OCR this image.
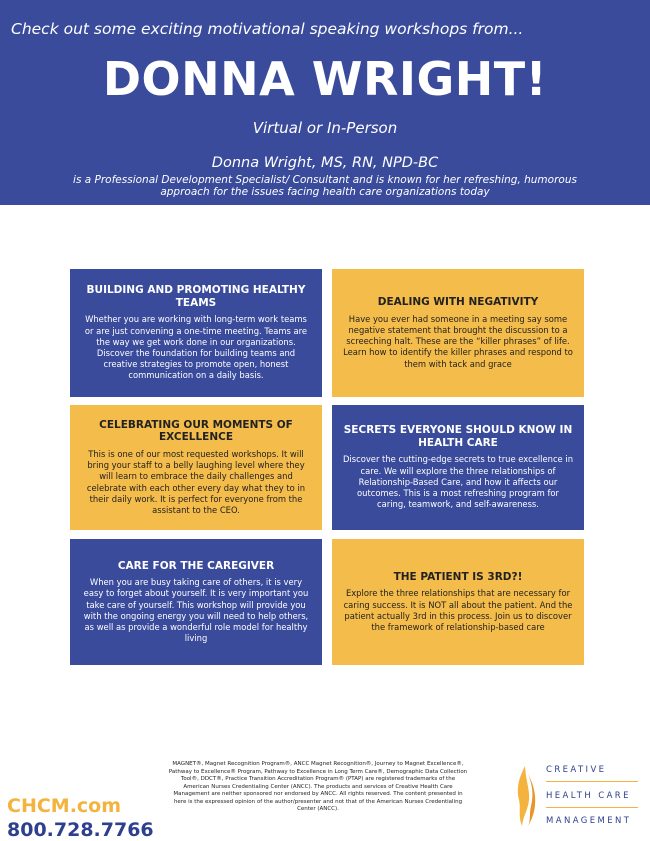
Check out some exciting motivational speaking workshops from...
DONNA WRIGHT!
Virtual or In-Person
Donna Wright, MS, RN, NPD-BC
is a Professional Development Specialist/ Consultant and is known for her refreshing, humorous approach for the issues facing health care organizations today
BUILDING AND PROMOTING HEALTHY TEAMS
Whether you are working with long-term work teams or are just convening a one-time meeting. Teams are the way we get work done in our organizations. Discover the foundation for building teams and creative strategies to promote open, honest communication on a daily basis.
DEALING WITH NEGATIVITY
Have you ever had someone in a meeting say some negative statement that brought the discussion to a screeching halt. These are the “killer phrases” of life. Learn how to identify the killer phrases and respond to them with tack and grace
CELEBRATING OUR MOMENTS OF EXCELLENCE
This is one of our most requested workshops. It will bring your staff to a belly laughing level where they will learn to embrace the daily challenges and celebrate with each other every day what they to in their daily work. It is perfect for everyone from the assistant to the CEO.
SECRETS EVERYONE SHOULD KNOW IN HEALTH CARE
Discover the cutting-edge secrets to true excellence in care. We will explore the three relationships of Relationship-Based Care, and how it affects our outcomes. This is a most refreshing program for caring, teamwork, and self-awareness.
CARE FOR THE CAREGIVER
When you are busy taking care of others, it is very easy to forget about yourself. It is very important you take care of yourself. This workshop will provide you with the ongoing energy you will need to help others, as well as provide a wonderful role model for healthy living
THE PATIENT IS 3RD?!
Explore the three relationships that are necessary for caring success. It is NOT all about the patient. And the patient actually 3rd in this process. Join us to discover the framework of relationship-based care
CHCM.com
800.728.7766
MAGNET®, Magnet Recognition Program®, ANCC Magnet Recognition®, Journey to Magnet Excellence®, Pathway to Excellence® Program, Pathway to Excellence in Long Term Care®, Demographic Data Collection Tool®, DDCT®, Practice Transition Accreditation Program® (PTAP) are registered trademarks of the American Nurses Credentialing Center (ANCC). The products and services of Creative Health Care Management are neither sponsored nor endorsed by ANCC. All rights reserved. The content presented in here is the expressed opinion of the author/presenter and not that of the American Nurses Credentialing Center (ANCC).
CREATIVE
HEALTH CARE
MANAGEMENT
